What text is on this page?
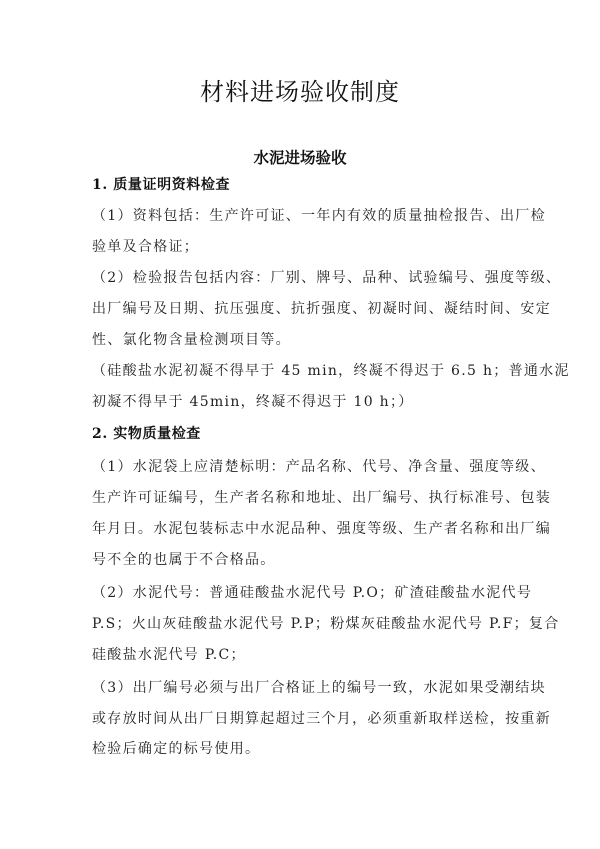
材料进场验收制度
水泥进场验收
1. 质量证明资料检查
（1）资料包括：生产许可证、一年内有效的质量抽检报告、出厂检
验单及合格证；
（2）检验报告包括内容：厂别、牌号、品种、试验编号、强度等级、
出厂编号及日期、抗压强度、抗折强度、初凝时间、凝结时间、安定
性、氯化物含量检测项目等。
（硅酸盐水泥初凝不得早于 45 min，终凝不得迟于 6.5 h；普通水泥
初凝不得早于 45min，终凝不得迟于 10 h；）
2. 实物质量检查
（1）水泥袋上应清楚标明：产品名称、代号、净含量、强度等级、
生产许可证编号，生产者名称和地址、出厂编号、执行标准号、包装
年月日。水泥包装标志中水泥品种、强度等级、生产者名称和出厂编
号不全的也属于不合格品。
（2）水泥代号：普通硅酸盐水泥代号 P.O；矿渣硅酸盐水泥代号
P.S；火山灰硅酸盐水泥代号 P.P；粉煤灰硅酸盐水泥代号 P.F；复合
硅酸盐水泥代号 P.C；
（3）出厂编号必须与出厂合格证上的编号一致，水泥如果受潮结块
或存放时间从出厂日期算起超过三个月，必须重新取样送检，按重新
检验后确定的标号使用。
